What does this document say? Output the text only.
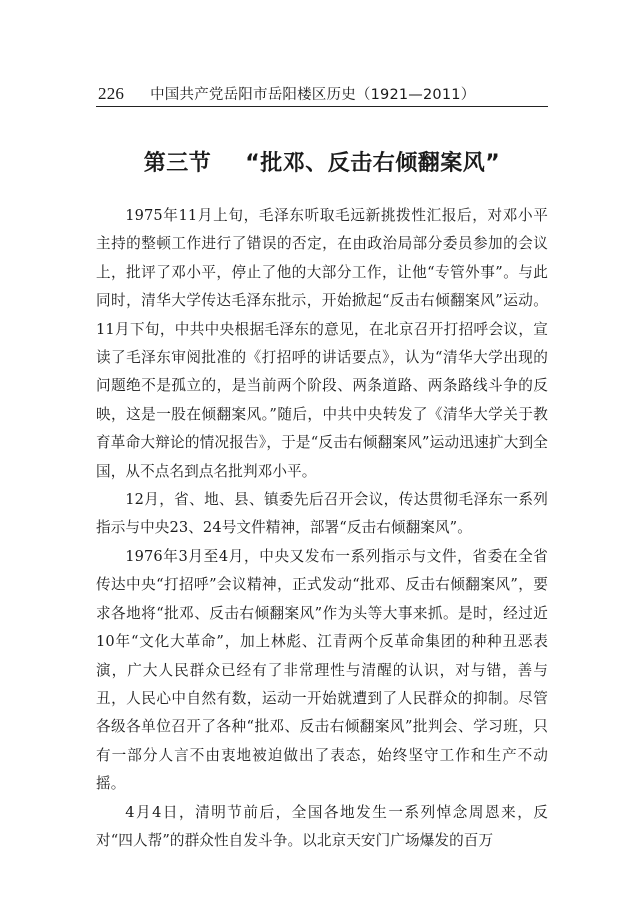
226 中国共产党岳阳市岳阳楼区历史（1921—2011）
第三节 “批邓、反击右倾翻案风”

1975年11月上旬，毛泽东听取毛远新挑拨性汇报后，对邓小平主持的整顿工作进行了错误的否定，在由政治局部分委员参加的会议上，批评了邓小平，停止了他的大部分工作，让他“专管外事”。与此同时，清华大学传达毛泽东批示，开始掀起“反击右倾翻案风”运动。11月下旬，中共中央根据毛泽东的意见，在北京召开打招呼会议，宣读了毛泽东审阅批准的《打招呼的讲话要点》，认为“清华大学出现的问题绝不是孤立的，是当前两个阶段、两条道路、两条路线斗争的反映，这是一股在倾翻案风。”随后，中共中央转发了《清华大学关于教育革命大辩论的情况报告》，于是“反击右倾翻案风”运动迅速扩大到全国，从不点名到点名批判邓小平。

12月，省、地、县、镇委先后召开会议，传达贯彻毛泽东一系列指示与中央23、24号文件精神，部署“反击右倾翻案风”。

1976年3月至4月，中央又发布一系列指示与文件，省委在全省传达中央“打招呼”会议精神，正式发动“批邓、反击右倾翻案风”，要求各地将“批邓、反击右倾翻案风”作为头等大事来抓。是时，经过近10年“文化大革命”，加上林彪、江青两个反革命集团的种种丑恶表演，广大人民群众已经有了非常理性与清醒的认识，对与错，善与丑，人民心中自然有数，运动一开始就遭到了人民群众的抑制。尽管各级各单位召开了各种“批邓、反击右倾翻案风”批判会、学习班，只有一部分人言不由衷地被迫做出了表态，始终坚守工作和生产不动摇。

4月4日，清明节前后，全国各地发生一系列悼念周恩来，反对“四人帮”的群众性自发斗争。以北京天安门广场爆发的百万
